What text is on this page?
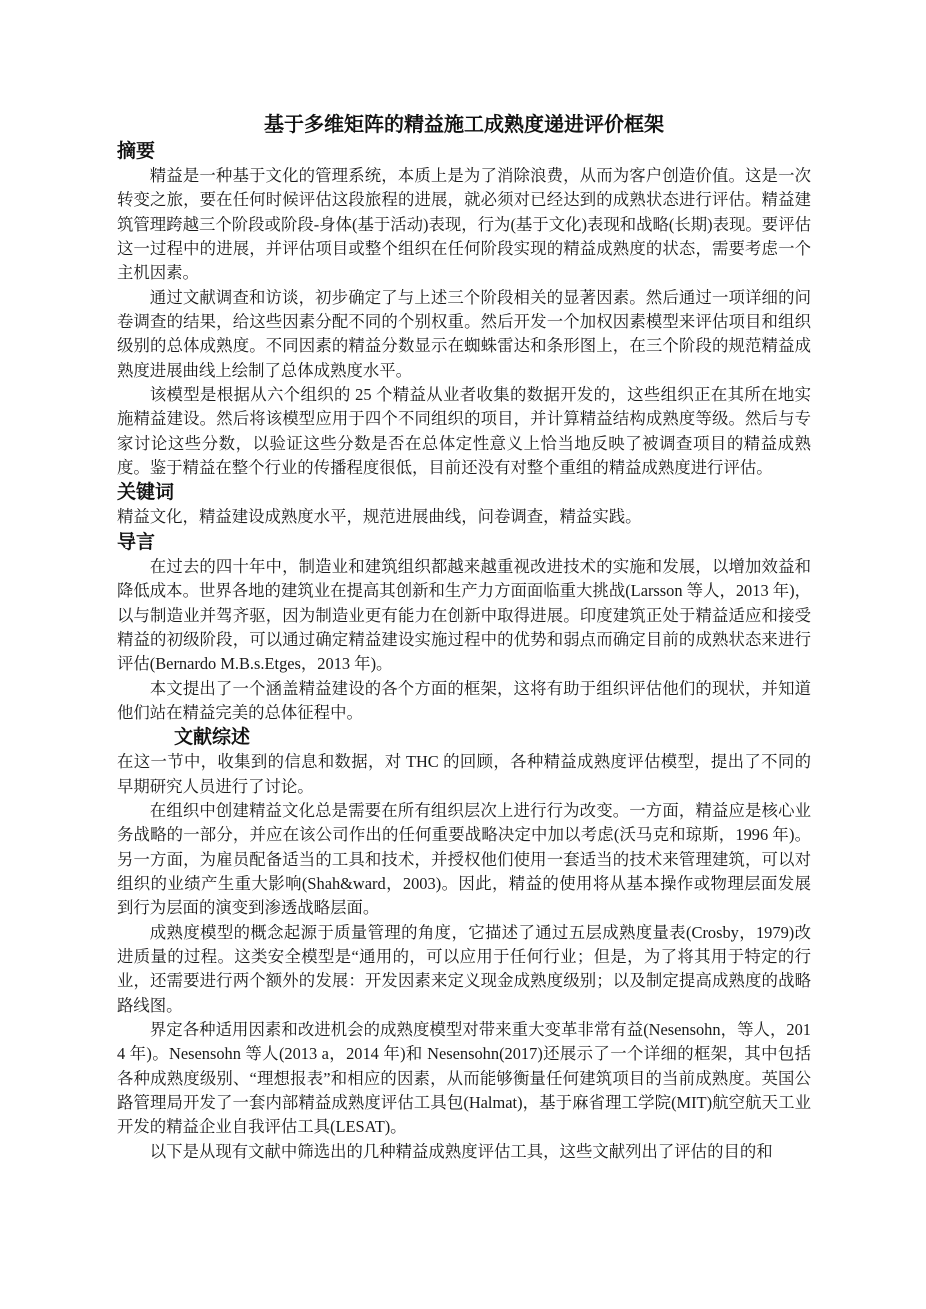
基于多维矩阵的精益施工成熟度递进评价框架
摘要

精益是一种基于文化的管理系统，本质上是为了消除浪费，从而为客户创造价值。这是一次转变之旅，要在任何时候评估这段旅程的进展，就必须对已经达到的成熟状态进行评估。精益建筑管理跨越三个阶段或阶段-身体(基于活动)表现，行为(基于文化)表现和战略(长期)表现。要评估这一过程中的进展，并评估项目或整个组织在任何阶段实现的精益成熟度的状态，需要考虑一个主机因素。

通过文献调查和访谈，初步确定了与上述三个阶段相关的显著因素。然后通过一项详细的问卷调查的结果，给这些因素分配不同的个别权重。然后开发一个加权因素模型来评估项目和组织级别的总体成熟度。不同因素的精益分数显示在蜘蛛雷达和条形图上，在三个阶段的规范精益成熟度进展曲线上绘制了总体成熟度水平。

该模型是根据从六个组织的 25 个精益从业者收集的数据开发的，这些组织正在其所在地实施精益建设。然后将该模型应用于四个不同组织的项目，并计算精益结构成熟度等级。然后与专家讨论这些分数，以验证这些分数是否在总体定性意义上恰当地反映了被调查项目的精益成熟度。鉴于精益在整个行业的传播程度很低，目前还没有对整个重组的精益成熟度进行评估。

关键词

精益文化，精益建设成熟度水平，规范进展曲线，问卷调查，精益实践。

导言

在过去的四十年中，制造业和建筑组织都越来越重视改进技术的实施和发展，以增加效益和降低成本。世界各地的建筑业在提高其创新和生产力方面面临重大挑战(Larsson 等人，2013 年)，以与制造业并驾齐驱，因为制造业更有能力在创新中取得进展。印度建筑正处于精益适应和接受精益的初级阶段，可以通过确定精益建设实施过程中的优势和弱点而确定目前的成熟状态来进行评估(Bernardo M.B.s.Etges，2013 年)。

本文提出了一个涵盖精益建设的各个方面的框架，这将有助于组织评估他们的现状，并知道他们站在精益完美的总体征程中。

文献综述

在这一节中，收集到的信息和数据，对 THC 的回顾，各种精益成熟度评估模型，提出了不同的早期研究人员进行了讨论。

在组织中创建精益文化总是需要在所有组织层次上进行行为改变。一方面，精益应是核心业务战略的一部分，并应在该公司作出的任何重要战略决定中加以考虑(沃马克和琼斯，1996 年)。另一方面，为雇员配备适当的工具和技术，并授权他们使用一套适当的技术来管理建筑，可以对组织的业绩产生重大影响(Shah&ward，2003)。因此，精益的使用将从基本操作或物理层面发展到行为层面的演变到渗透战略层面。

成熟度模型的概念起源于质量管理的角度，它描述了通过五层成熟度量表(Crosby，1979)改进质量的过程。这类安全模型是“通用的，可以应用于任何行业；但是，为了将其用于特定的行业，还需要进行两个额外的发展：开发因素来定义现金成熟度级别；以及制定提高成熟度的战略路线图。

界定各种适用因素和改进机会的成熟度模型对带来重大变革非常有益(Nesensohn，等人，2014 年)。Nesensohn 等人(2013 a，2014 年)和 Nesensohn(2017)还展示了一个详细的框架，其中包括各种成熟度级别、“理想报表”和相应的因素，从而能够衡量任何建筑项目的当前成熟度。英国公路管理局开发了一套内部精益成熟度评估工具包(Halmat)，基于麻省理工学院(MIT)航空航天工业开发的精益企业自我评估工具(LESAT)。

以下是从现有文献中筛选出的几种精益成熟度评估工具，这些文献列出了评估的目的和
